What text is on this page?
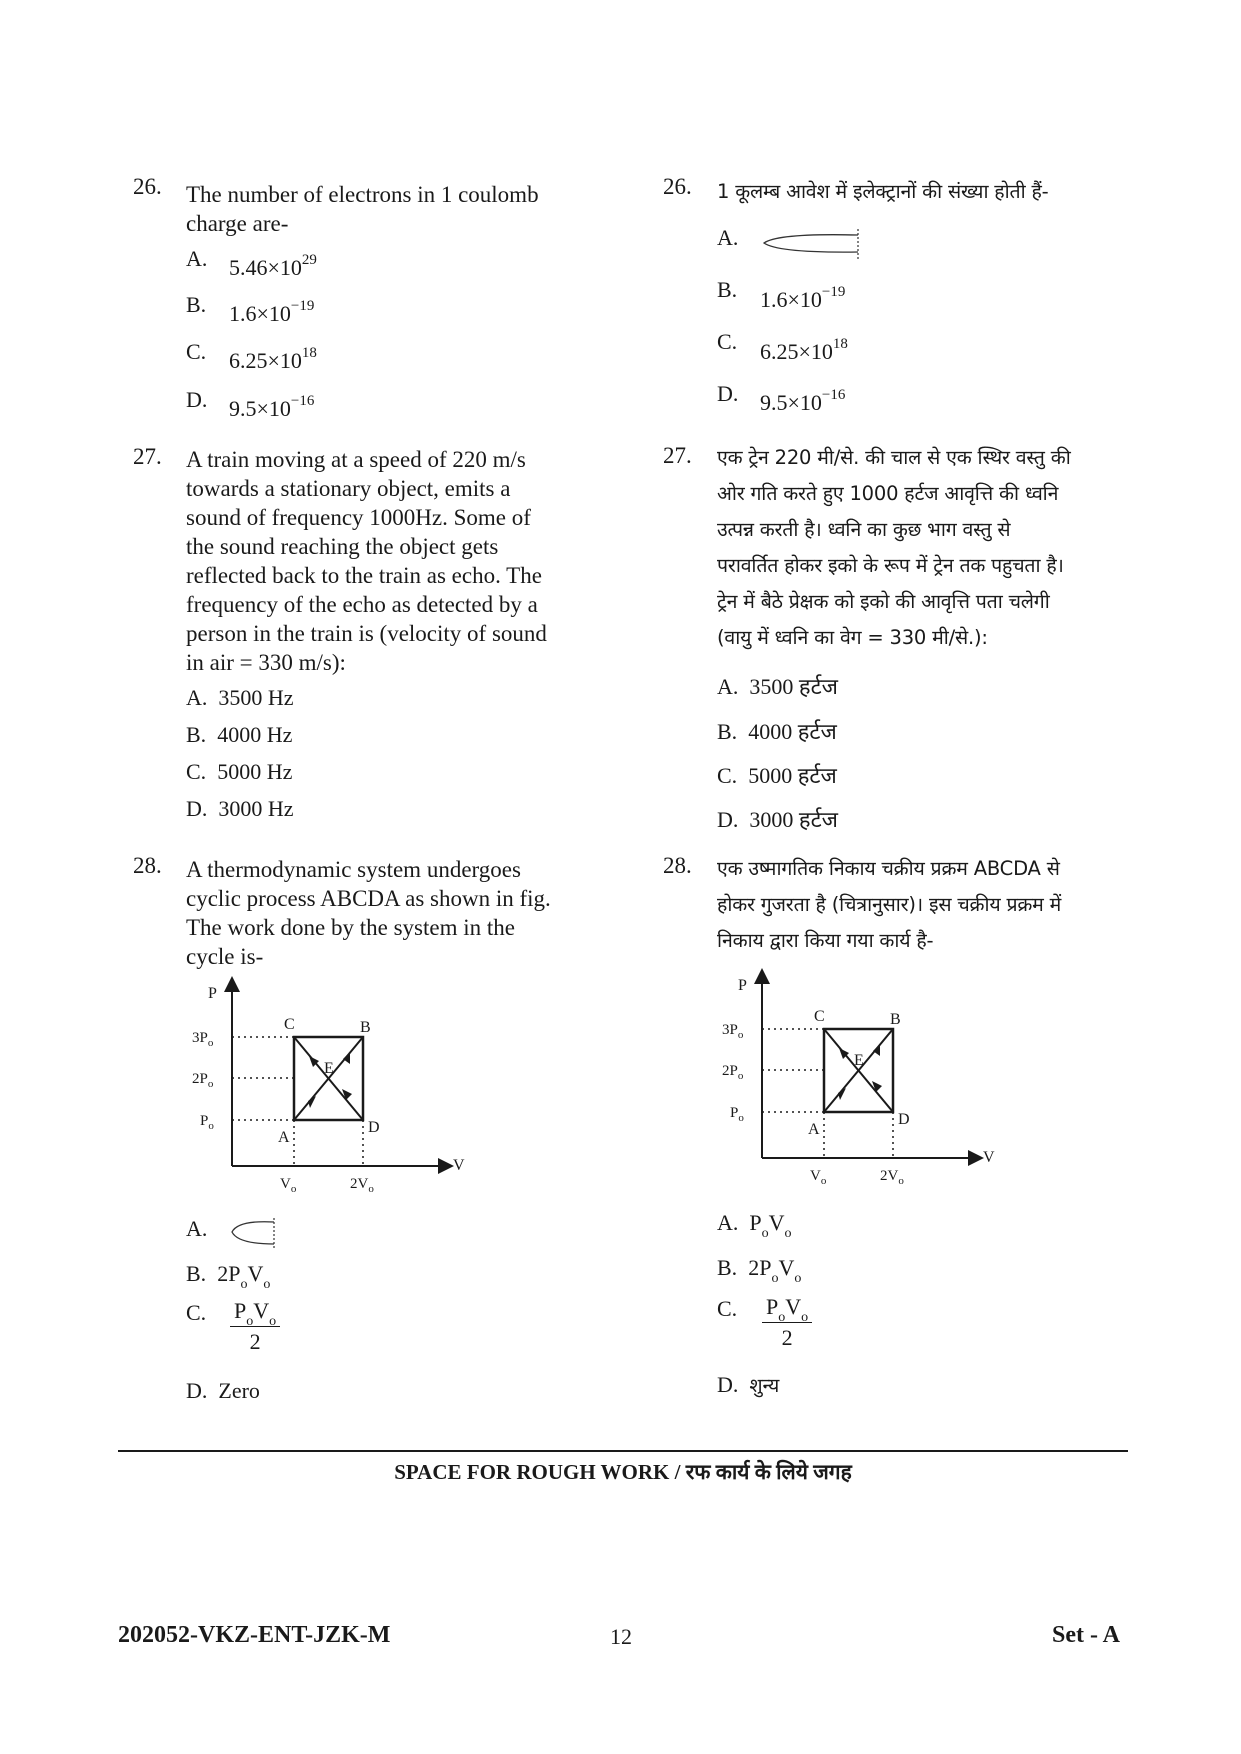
26. The number of electrons in 1 coulomb
charge are-
A. $5.46\times 10^{29}$
B. $1.6\times 10^{-19}$
C. $6.25\times 10^{18}$
D. $9.5\times 10^{-16}$
27. A train moving at a speed of 220 m/s
towards a stationary object, emits a
sound of frequency 1000Hz. Some of
the sound reaching the object gets
reflected back to the train as echo. The
frequency of the echo as detected by a
person in the train is (velocity of sound
in air = 330 m/s):
A. 3500 Hz
B. 4000 Hz
C. 5000 Hz
D. 3000 Hz
28. A thermodynamic system undergoes
cyclic process ABCDA as shown in fig.
The work done by the system in the
cycle is-
P
V
C	B
E
A
D
$3P_o$
$2P_o$
$P_o$
$V_o$	$2V_o$
A.
B. $2P_oV_o$
C. $\frac{P_oV_o}{2}$
D. Zero
26. 1 कूलम्ब आवेश में इलेक्ट्रानों की संख्या होती हैं-
A.
B. $1.6\times 10^{-19}$
C. $6.25\times 10^{18}$
D. $9.5\times 10^{-16}$
27. एक ट्रेन 220 मी/से. की चाल से एक स्थिर वस्तु की
ओर गति करते हुए 1000 हर्टज आवृत्ति की ध्वनि
उत्पन्न करती है। ध्वनि का कुछ भाग वस्तु से
परावर्तित होकर इको के रूप में ट्रेन तक पहुचता है।
ट्रेन में बैठे प्रेक्षक को इको की आवृत्ति पता चलेगी
(वायु में ध्वनि का वेग = 330 मी/से.):
A. 3500 हर्टज
B. 4000 हर्टज
C. 5000 हर्टज
D. 3000 हर्टज
28. एक उष्मागतिक निकाय चक्रीय प्रक्रम ABCDA से
होकर गुजरता है (चित्रानुसार)। इस चक्रीय प्रक्रम में
निकाय द्वारा किया गया कार्य है-
P
V
C	B
E
A
D
$3P_o$
$2P_o$
$P_o$
$V_o$	$2V_o$
A. $P_oV_o$
B. $2P_oV_o$
C. $\frac{P_oV_o}{2}$
D. शुन्य
SPACE FOR ROUGH WORK / रफ कार्य के लिये जगह
202052-VKZ-ENT-JZK-M	12	Set - A
